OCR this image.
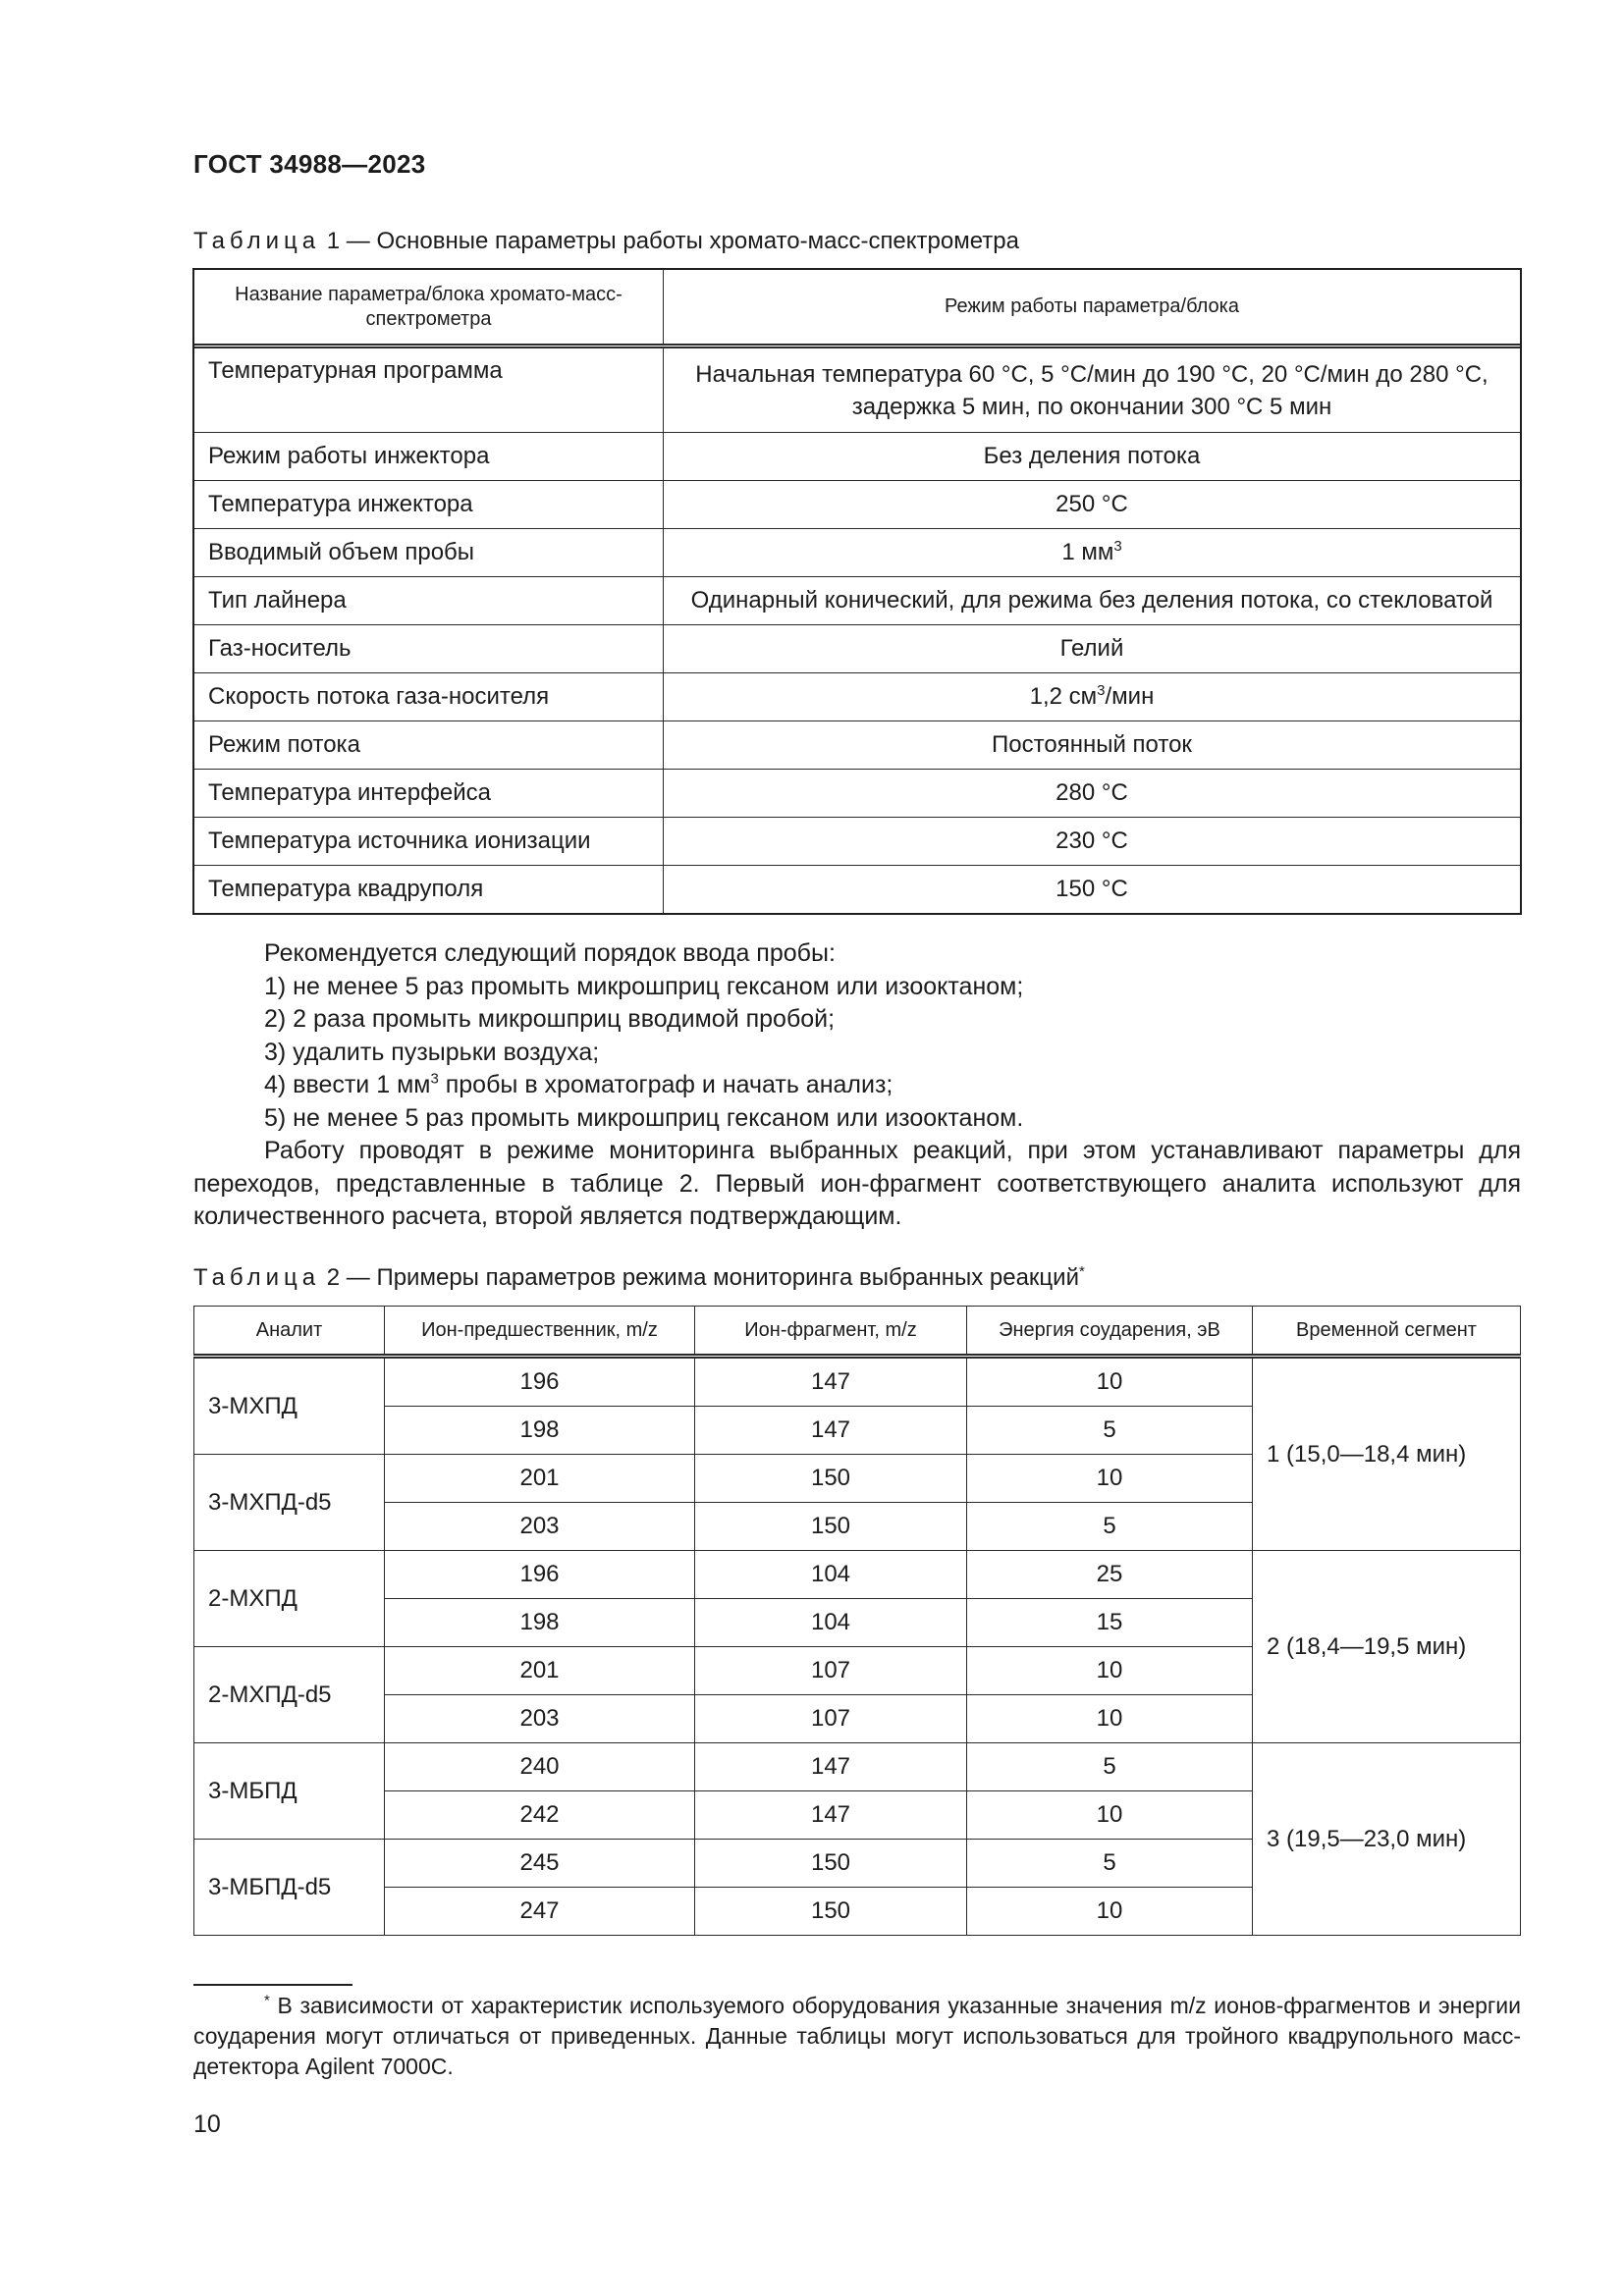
ГОСТ 34988—2023
Таблица 1 — Основные параметры работы хромато-масс-спектрометра
Название параметра/блока хромато-масс-спектрометра	Режим работы параметра/блока
Температурная программа	Начальная температура 60 °C, 5 °C/мин до 190 °C, 20 °C/мин до 280 °C, задержка 5 мин, по окончании 300 °C 5 мин
Режим работы инжектора	Без деления потока
Температура инжектора	250 °C
Вводимый объем пробы	1 $мм^3$
Тип лайнера	Одинарный конический, для режима без деления потока, со стекловатой
Газ-носитель	Гелий
Скорость потока газа-носителя	1,2 $см^3$/мин
Режим потока	Постоянный поток
Температура интерфейса	280 °C
Температура источника ионизации	230 °C
Температура квадруполя	150 °C

Рекомендуется следующий порядок ввода пробы:

1) не менее 5 раз промыть микрошприц гексаном или изооктаном;

2) 2 раза промыть микрошприц вводимой пробой;

3) удалить пузырьки воздуха;

4) ввести 1 $мм^3$ пробы в хроматограф и начать анализ;

5) не менее 5 раз промыть микрошприц гексаном или изооктаном.

Работу проводят в режиме мониторинга выбранных реакций, при этом устанавливают параметры для переходов, представленные в таблице 2. Первый ион-фрагмент соответствующего аналита используют для количественного расчета, второй является подтверждающим.

Таблица 2 — Примеры параметров режима мониторинга выбранных реакций*
Аналит	Ион-предшественник, m/z	Ион-фрагмент, m/z	Энергия соударения, эВ	Временной сегмент
3-МХПД	196	147	10	1 (15,0—18,4 мин)
	198	147	5	
3-МХПД-d5	201	150	10	
	203	150	5	
2-МХПД	196	104	25	2 (18,4—19,5 мин)
	198	104	15	
2-МХПД-d5	201	107	10	
	203	107	10	
3-МБПД	240	147	5	3 (19,5—23,0 мин)
	242	147	10	
3-МБПД-d5	245	150	5	
	247	150	10	
* В зависимости от характеристик используемого оборудования указанные значения m/z ионов-фрагментов и энергии соударения могут отличаться от приведенных. Данные таблицы могут использоваться для тройного квадрупольного масс-детектора Agilent 7000С.
10
